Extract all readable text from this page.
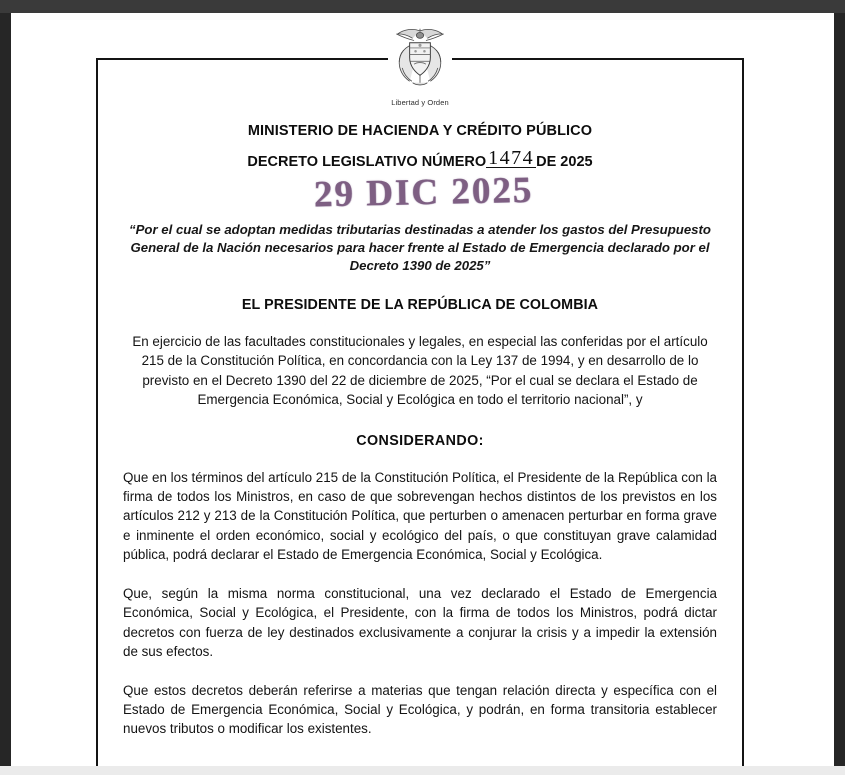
Libertad y Orden
MINISTERIO DE HACIENDA Y CRÉDITO PÚBLICO
DECRETO LEGISLATIVO NÚMERO 1474 DE 2025
29 DIC 2025
“Por el cual se adoptan medidas tributarias destinadas a atender los gastos del Presupuesto General de la Nación necesarios para hacer frente al Estado de Emergencia declarado por el Decreto 1390 de 2025”
EL PRESIDENTE DE LA REPÚBLICA DE COLOMBIA
En ejercicio de las facultades constitucionales y legales, en especial las conferidas por el artículo 215 de la Constitución Política, en concordancia con la Ley 137 de 1994, y en desarrollo de lo previsto en el Decreto 1390 del 22 de diciembre de 2025, “Por el cual se declara el Estado de Emergencia Económica, Social y Ecológica en todo el territorio nacional”, y
CONSIDERANDO:

Que en los términos del artículo 215 de la Constitución Política, el Presidente de la República con la firma de todos los Ministros, en caso de que sobrevengan hechos distintos de los previstos en los artículos 212 y 213 de la Constitución Política, que perturben o amenacen perturbar en forma grave e inminente el orden económico, social y ecológico del país, o que constituyan grave calamidad pública, podrá declarar el Estado de Emergencia Económica, Social y Ecológica.

Que, según la misma norma constitucional, una vez declarado el Estado de Emergencia Económica, Social y Ecológica, el Presidente, con la firma de todos los Ministros, podrá dictar decretos con fuerza de ley destinados exclusivamente a conjurar la crisis y a impedir la extensión de sus efectos.

Que estos decretos deberán referirse a materias que tengan relación directa y específica con el Estado de Emergencia Económica, Social y Ecológica, y podrán, en forma transitoria establecer nuevos tributos o modificar los existentes.
